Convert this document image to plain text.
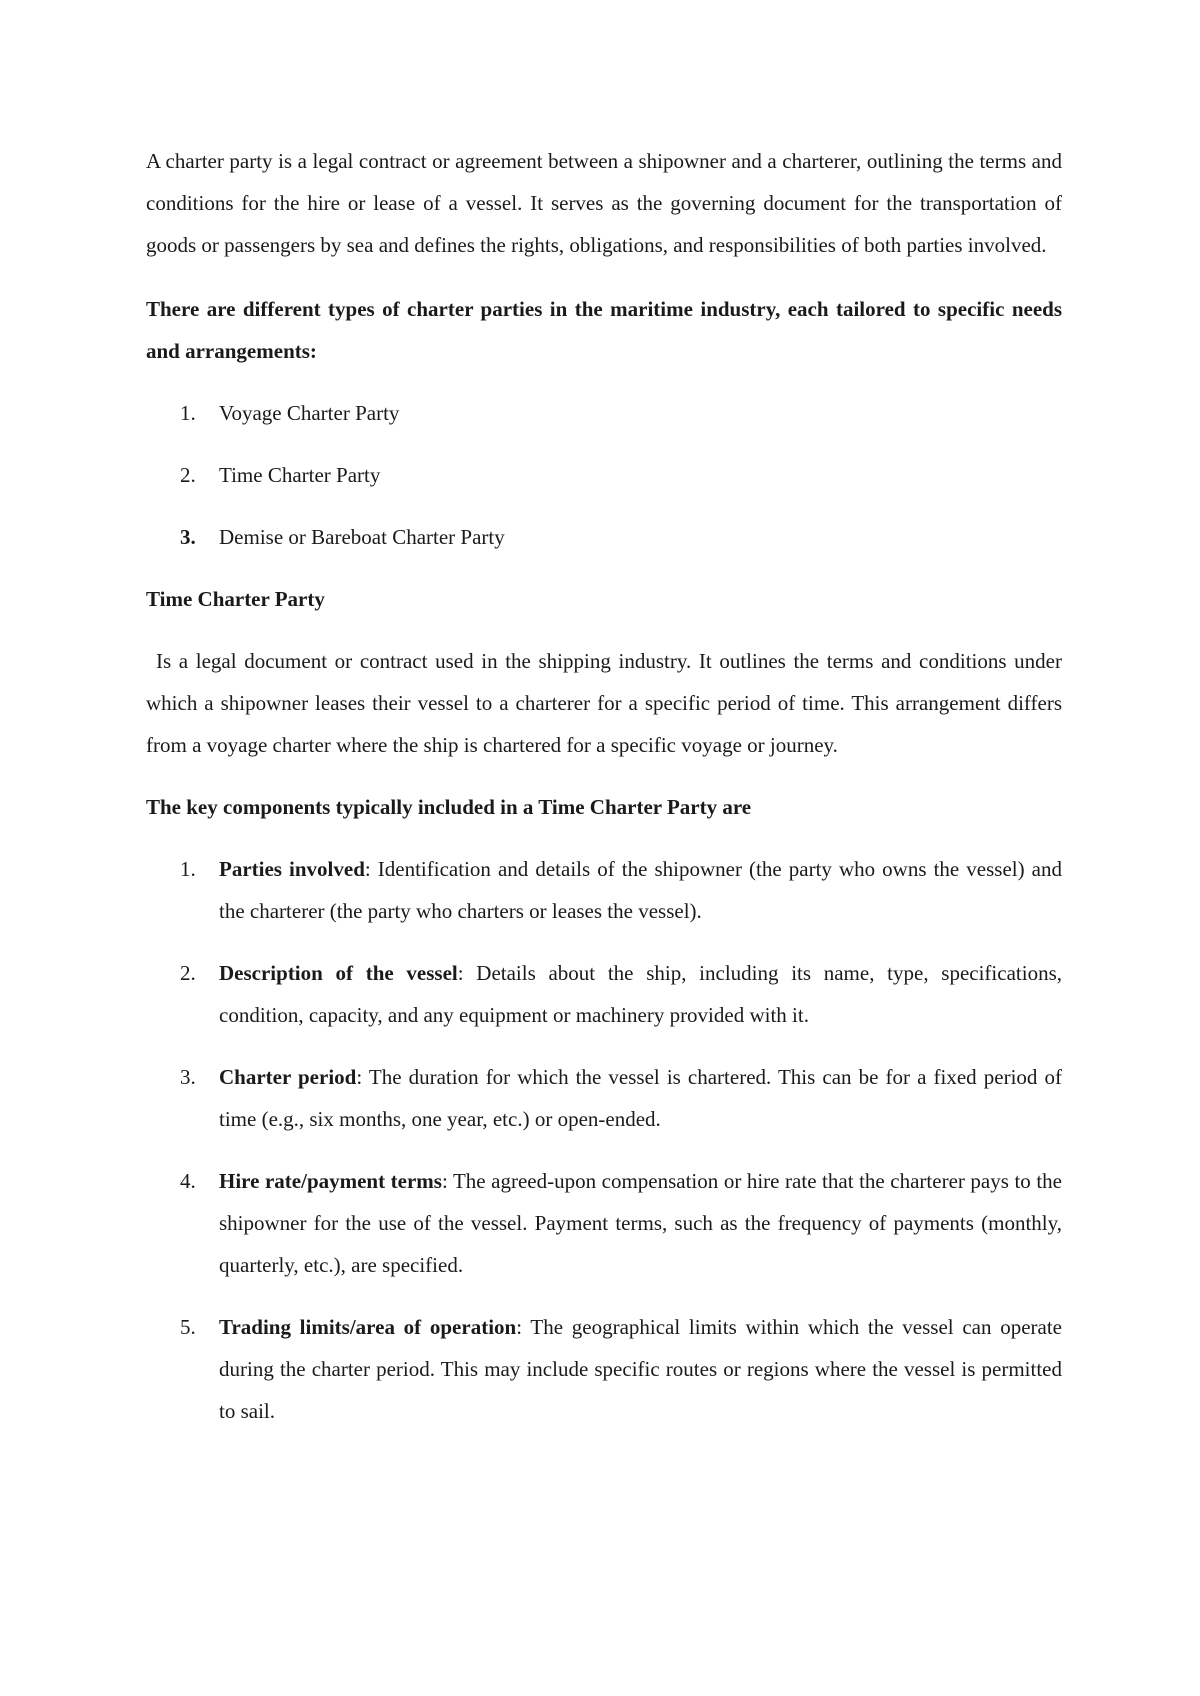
A charter party is a legal contract or agreement between a shipowner and a charterer, outlining the terms and conditions for the hire or lease of a vessel. It serves as the governing document for the transportation of goods or passengers by sea and defines the rights, obligations, and responsibilities of both parties involved.

There are different types of charter parties in the maritime industry, each tailored to specific needs and arrangements:

1.	Voyage Charter Party
2.	Time Charter Party
3.	Demise or Bareboat Charter Party

Time Charter Party

Is a legal document or contract used in the shipping industry. It outlines the terms and conditions under which a shipowner leases their vessel to a charterer for a specific period of time. This arrangement differs from a voyage charter where the ship is chartered for a specific voyage or journey.

The key components typically included in a Time Charter Party are

1.	Parties involved: Identification and details of the shipowner (the party who owns the vessel) and the charterer (the party who charters or leases the vessel).
2.	Description of the vessel: Details about the ship, including its name, type, specifications, condition, capacity, and any equipment or machinery provided with it.
3.	Charter period: The duration for which the vessel is chartered. This can be for a fixed period of time (e.g., six months, one year, etc.) or open-ended.
4.	Hire rate/payment terms: The agreed-upon compensation or hire rate that the charterer pays to the shipowner for the use of the vessel. Payment terms, such as the frequency of payments (monthly, quarterly, etc.), are specified.
5.	Trading limits/area of operation: The geographical limits within which the vessel can operate during the charter period. This may include specific routes or regions where the vessel is permitted to sail.
